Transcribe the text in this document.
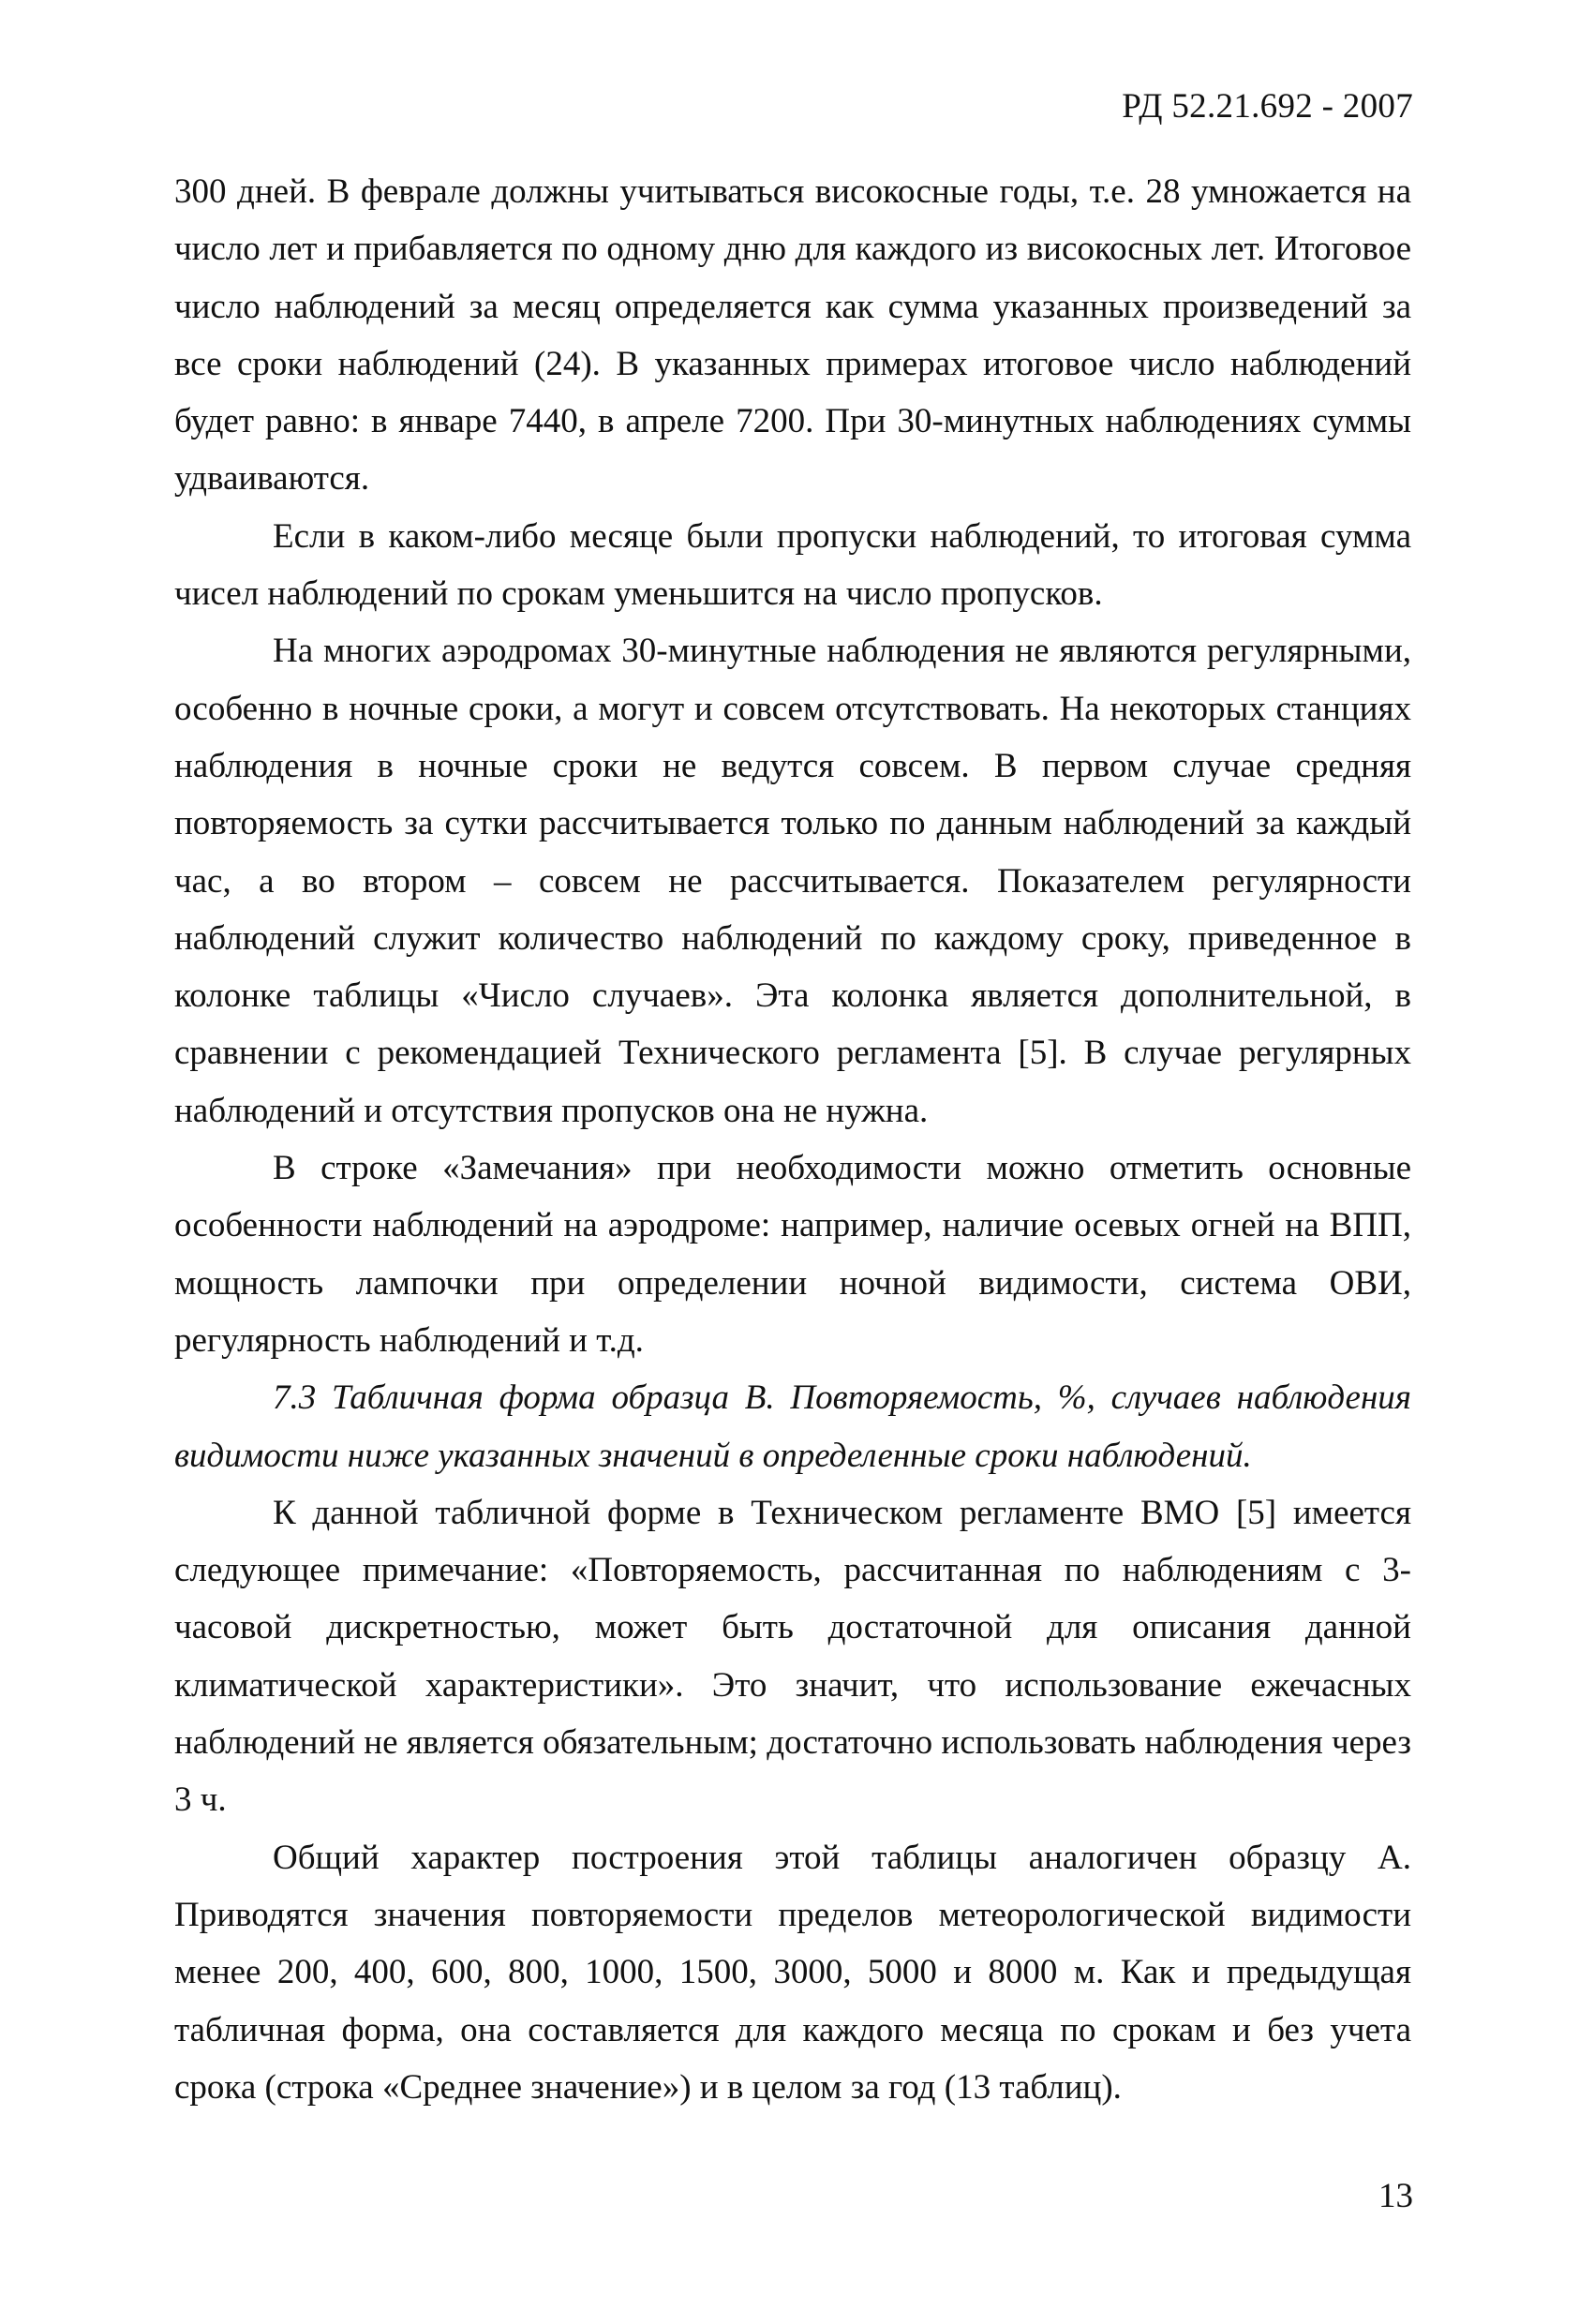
РД 52.21.692 - 2007

300 дней. В феврале должны учитываться високосные годы, т.е. 28 умножается на число лет и прибавляется по одному дню для каждого из високосных лет. Итоговое число наблюдений за месяц определяется как сумма указанных произведений за все сроки наблюдений (24). В указанных примерах итоговое число наблюдений будет равно: в январе 7440, в апреле 7200. При 30-минутных наблюдениях суммы удваиваются.

Если в каком-либо месяце были пропуски наблюдений, то итоговая сумма чисел наблюдений по срокам уменьшится на число пропусков.

На многих аэродромах 30-минутные наблюдения не являются регулярными, особенно в ночные сроки, а могут и совсем отсутствовать. На некоторых станциях наблюдения в ночные сроки не ведутся совсем. В первом случае средняя повторяемость за сутки рассчитывается только по данным наблюдений за каждый час, а во втором – совсем не рассчитывается. Показателем регулярности наблюдений служит количество наблюдений по каждому сроку, приведенное в колонке таблицы «Число случаев». Эта колонка является дополнительной, в сравнении с рекомендацией Технического регламента [5]. В случае регулярных наблюдений и отсутствия пропусков она не нужна.

В строке «Замечания» при необходимости можно отметить основные особенности наблюдений на аэродроме: например, наличие осевых огней на ВПП, мощность лампочки при определении ночной видимости, система ОВИ, регулярность наблюдений и т.д.

7.3 Табличная форма образца В. Повторяемость, %, случаев наблюдения видимости ниже указанных значений в определенные сроки наблюдений.

К данной табличной форме в Техническом регламенте ВМО [5] имеется следующее примечание: «Повторяемость, рассчитанная по наблюдениям с 3-часовой дискретностью, может быть достаточной для описания данной климатической характеристики». Это значит, что использование ежечасных наблюдений не является обязательным; достаточно использовать наблюдения через 3 ч.

Общий характер построения этой таблицы аналогичен образцу А. Приводятся значения повторяемости пределов метеорологической видимости менее 200, 400, 600, 800, 1000, 1500, 3000, 5000 и 8000 м. Как и предыдущая табличная форма, она составляется для каждого месяца по срокам и без учета срока (строка «Среднее значение») и в целом за год (13 таблиц).

13
